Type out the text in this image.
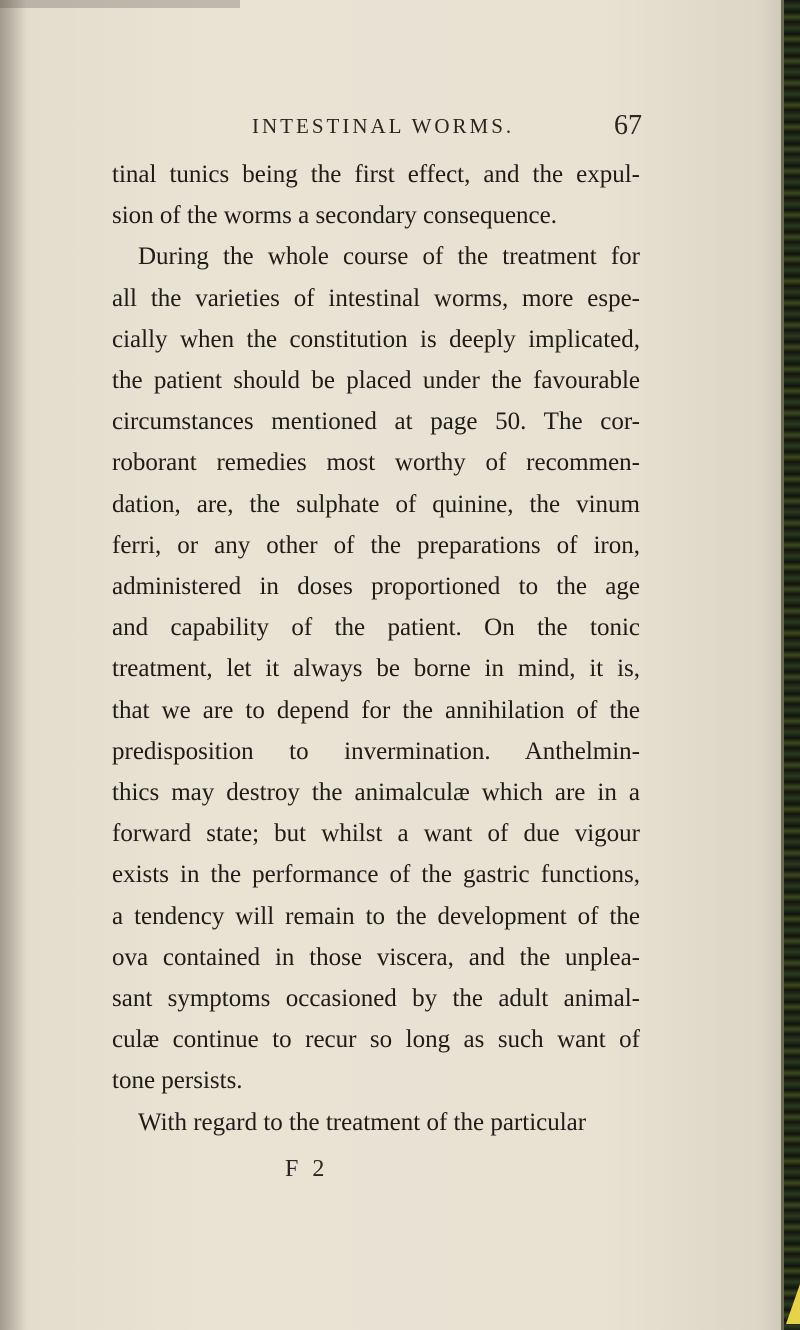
INTESTINAL WORMS.	67
tinal tunics being the first effect, and the expul-
sion of the worms a secondary consequence.
During the whole course of the treatment for
all the varieties of intestinal worms, more espe-
cially when the constitution is deeply implicated,
the patient should be placed under the favourable
circumstances mentioned at page 50. The cor-
roborant remedies most worthy of recommen-
dation, are, the sulphate of quinine, the vinum
ferri, or any other of the preparations of iron,
administered in doses proportioned to the age
and capability of the patient. On the tonic
treatment, let it always be borne in mind, it is,
that we are to depend for the annihilation of the
predisposition to invermination. Anthelmin-
thics may destroy the animalculæ which are in a
forward state; but whilst a want of due vigour
exists in the performance of the gastric functions,
a tendency will remain to the development of the
ova contained in those viscera, and the unplea-
sant symptoms occasioned by the adult animal-
culæ continue to recur so long as such want of
tone persists.
With regard to the treatment of the particular
F 2
